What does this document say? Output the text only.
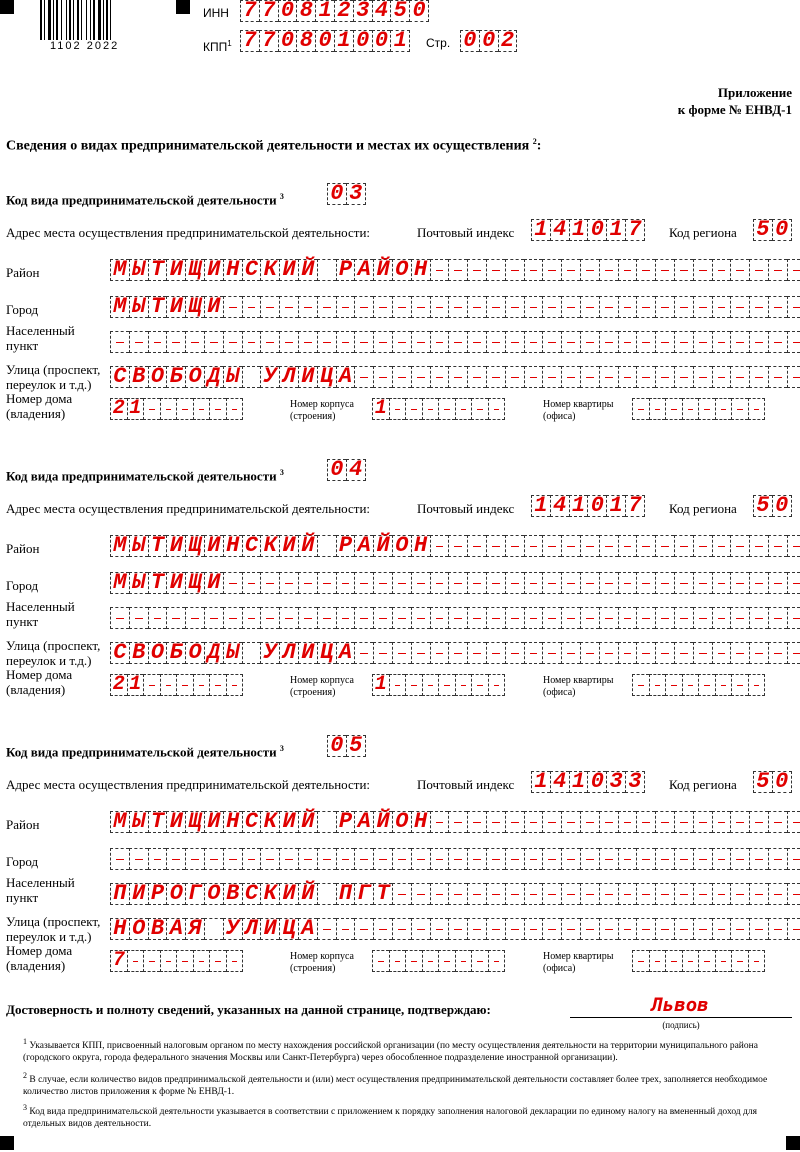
1102 2022
ИНН 7 7 0 8 1 2 3 4 5 0
КПП$^1$ 7 7 0 8 0 1 0 0 1 Стр. 0 0 2
Приложение
к форме № ЕНВД-1
Сведения о видах предпринимательской деятельности и местах их осуществления $^2$:
Код вида предпринимательской деятельности $^3$ 0 3
Адрес места осуществления предпринимательской деятельности:	Почтовый индекс 1 4 1 0 1 7 Код региона 5 0
Район	М Ы Т И Щ И Н С К И Й Р А Й О Н
Город	М Ы Т И Щ И
Населенный
пункт
Улица (проспект,
переулок и т.д.) С В О Б О Д Ы У Л И Ц А
Номер дома
(владения)	2 1	Номер корпуса
(строения)	1	Номер квартиры
(офиса)
Код вида предпринимательской деятельности $^3$ 0 4
Адрес места осуществления предпринимательской деятельности:	Почтовый индекс 1 4 1 0 1 7 Код региона 5 0
Район	М Ы Т И Щ И Н С К И Й Р А Й О Н
Город	М Ы Т И Щ И
Населенный
пункт
Улица (проспект,
переулок и т.д.) С В О Б О Д Ы У Л И Ц А
Номер дома
(владения)	2 1	Номер корпуса
(строения)	1	Номер квартиры
(офиса)
Код вида предпринимательской деятельности $^3$ 0 5
Адрес места осуществления предпринимательской деятельности:	Почтовый индекс 1 4 1 0 3 3 Код региона 5 0
Район	М Ы Т И Щ И Н С К И Й Р А Й О Н
Город
Населенный
пункт	П И Р О Г О В С К И Й П Г Т
Улица (проспект,
переулок и т.д.) Н О В А Я У Л И Ц А
Номер дома
(владения)	7	Номер корпуса
(строения)
Номер квартиры
(офиса)
Достоверность и полноту сведений, указанных на данной странице, подтверждаю:	Львов
(подпись)
$^1$ Указывается КПП, присвоенный налоговым органом по месту нахождения российской организации (по месту осуществления деятельности на территории муниципального района (городского округа, города федерального значения Москвы или Санкт-Петербурга) через обособленное подразделение иностранной организации).
$^2$ В случае, если количество видов предпринимальской деятельности и (или) мест осуществления предпринимательской деятельности составляет более трех, заполняется необходимое количество листов приложения к форме № ЕНВД-1.
$^3$ Код вида предпринимательской деятельности указывается в соответствии с приложением к порядку заполнения налоговой декларации по единому налогу на вмененный доход для отдельных видов деятельности.
